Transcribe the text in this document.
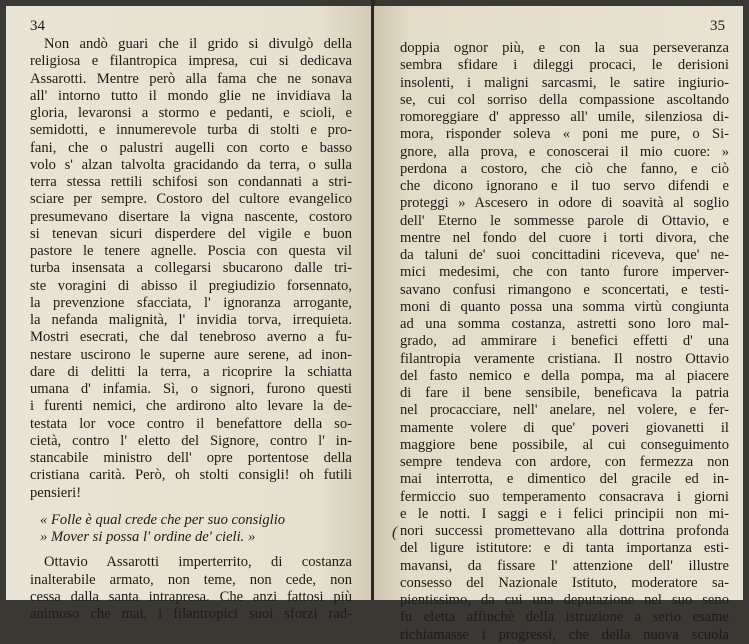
34
Non andò guari che il grido si divulgò della
religiosa e filantropica impresa, cui si dedicava
Assarotti. Mentre però alla fama che ne sonava
all' intorno tutto il mondo glie ne invidiava la
gloria, levaronsi a stormo e pedanti, e scioli, e
semidotti, e innumerevole turba di stolti e pro-
fani, che o palustri augelli con corto e basso
volo s' alzan talvolta gracidando da terra, o sulla
terra stessa rettili schifosi son condannati a stri-
sciare per sempre. Costoro del cultore evangelico
presumevano disertare la vigna nascente, costoro
si tenevan sicuri disperdere del vigile e buon
pastore le tenere agnelle. Poscia con questa vil
turba insensata a collegarsi sbucarono dalle tri-
ste voragini di abisso il pregiudizio forsennato,
la prevenzione sfacciata, l' ignoranza arrogante,
la nefanda malignità, l' invidia torva, irrequieta.
Mostri esecrati, che dal tenebroso averno a fu-
nestare uscirono le superne aure serene, ad inon-
dare di delitti la terra, a ricoprire la schiatta
umana d' infamia. Sì, o signori, furono questi
i furenti nemici, che ardirono alto levare la de-
testata lor voce contro il benefattore della so-
cietà, contro l' eletto del Signore, contro l' in-
stancabile ministro dell' opre portentose della
cristiana carità. Però, oh stolti consigli! oh futili
pensieri!
« Folle è qual crede che per suo consiglio
» Mover si possa l' ordine de' cieli. »
Ottavio Assarotti imperterrito, di costanza
inalterabile armato, non teme, non cede, non
cessa dalla santa intrapresa. Che anzi fattosi più
animoso che mai, i filantropici suoi sforzi rad-
35
doppia ognor più, e con la sua perseveranza
sembra sfidare i dileggi procaci, le derisioni
insolenti, i maligni sarcasmi, le satire ingiurio-
se, cui col sorriso della compassione ascoltando
romoreggiare d' appresso all' umile, silenziosa di-
mora, risponder soleva « poni me pure, o Si-
gnore, alla prova, e conoscerai il mio cuore: »
perdona a costoro, che ciò che fanno, e ciò
che dicono ignorano e il tuo servo difendi e
proteggi » Ascesero in odore di soavità al soglio
dell' Eterno le sommesse parole di Ottavio, e
mentre nel fondo del cuore i torti divora, che
da taluni de' suoi concittadini riceveva, que' ne-
mici medesimi, che con tanto furore imperver-
savano confusi rimangono e sconcertati, e testi-
moni di quanto possa una somma virtù congiunta
ad una somma costanza, astretti sono loro mal-
grado, ad ammirare i benefici effetti d' una
filantropia veramente cristiana. Il nostro Ottavio
del fasto nemico e della pompa, ma al piacere
di fare il bene sensibile, beneficava la patria
nel procacciare, nell' anelare, nel volere, e fer-
mamente volere di que' poveri giovanetti il
maggiore bene possibile, al cui conseguimento
sempre tendeva con ardore, con fermezza non
mai interrotta, e dimentico del gracile ed in-
fermiccio suo temperamento consacrava i giorni
e le notti. I saggi e i felici principii non mi-
nori successi promettevano alla dottrina profonda
del ligure istitutore: e di tanta importanza esti-
mavansi, da fissare l' attenzione dell' illustre
consesso del Nazionale Istituto, moderatore sa-
pientissimo, da cui una deputazione nel suo seno
fu eletta affinchè della istruzione a serio esame
richiamasse i progressi, che della nuova scuola
(
